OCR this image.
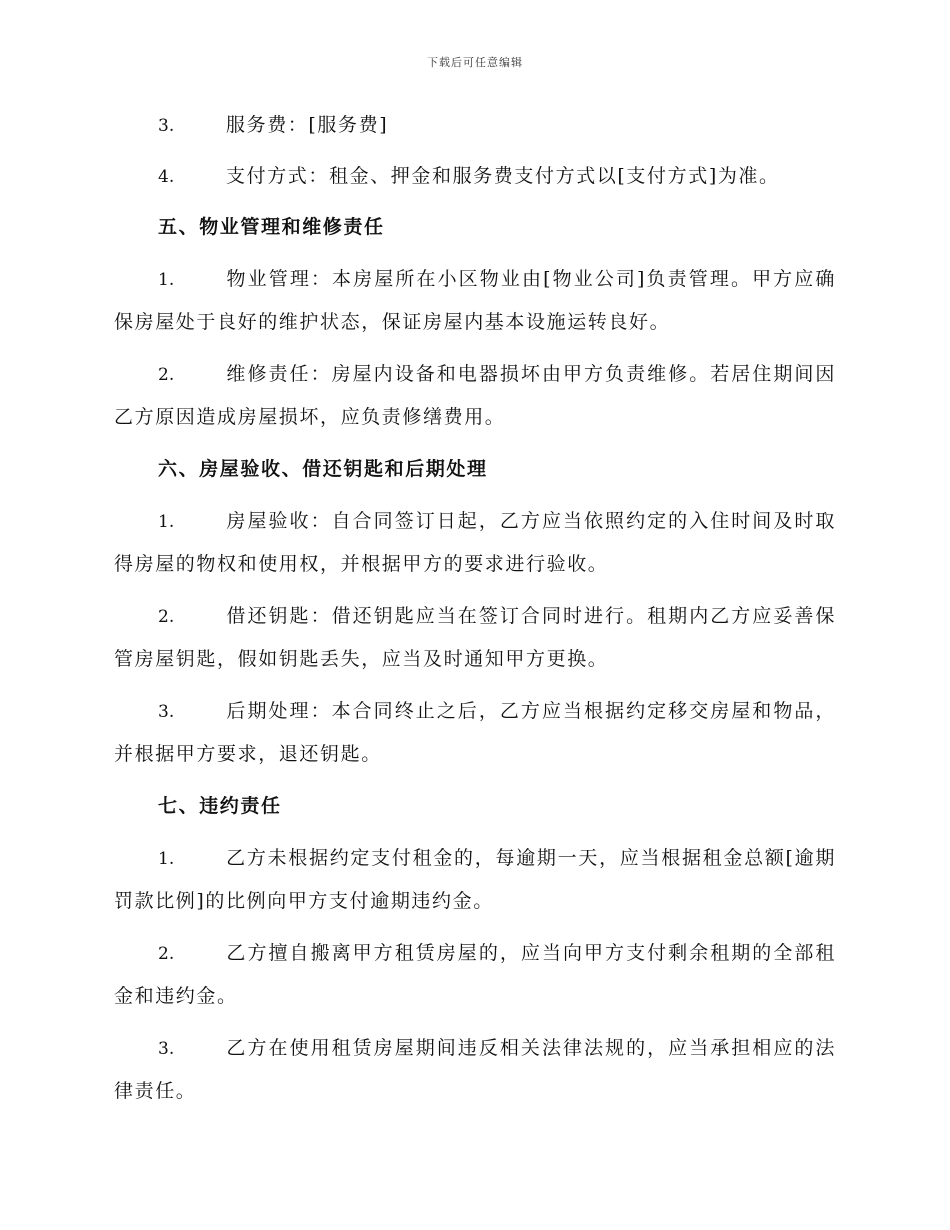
下载后可任意编辑

3.	服务费：[服务费]

4.	支付方式：租金、押金和服务费支付方式以[支付方式]为准。

五、物业管理和维修责任

1.	物业管理：本房屋所在小区物业由[物业公司]负责管理。甲方应确保房屋处于良好的维护状态，保证房屋内基本设施运转良好。

2.	维修责任：房屋内设备和电器损坏由甲方负责维修。若居住期间因乙方原因造成房屋损坏，应负责修缮费用。

六、房屋验收、借还钥匙和后期处理

1.	房屋验收：自合同签订日起，乙方应当依照约定的入住时间及时取得房屋的物权和使用权，并根据甲方的要求进行验收。

2.	借还钥匙：借还钥匙应当在签订合同时进行。租期内乙方应妥善保管房屋钥匙，假如钥匙丢失，应当及时通知甲方更换。

3.	后期处理：本合同终止之后，乙方应当根据约定移交房屋和物品，并根据甲方要求，退还钥匙。

七、违约责任

1.	乙方未根据约定支付租金的，每逾期一天，应当根据租金总额[逾期罚款比例]的比例向甲方支付逾期违约金。

2.	乙方擅自搬离甲方租赁房屋的，应当向甲方支付剩余租期的全部租金和违约金。

3.	乙方在使用租赁房屋期间违反相关法律法规的，应当承担相应的法律责任。
